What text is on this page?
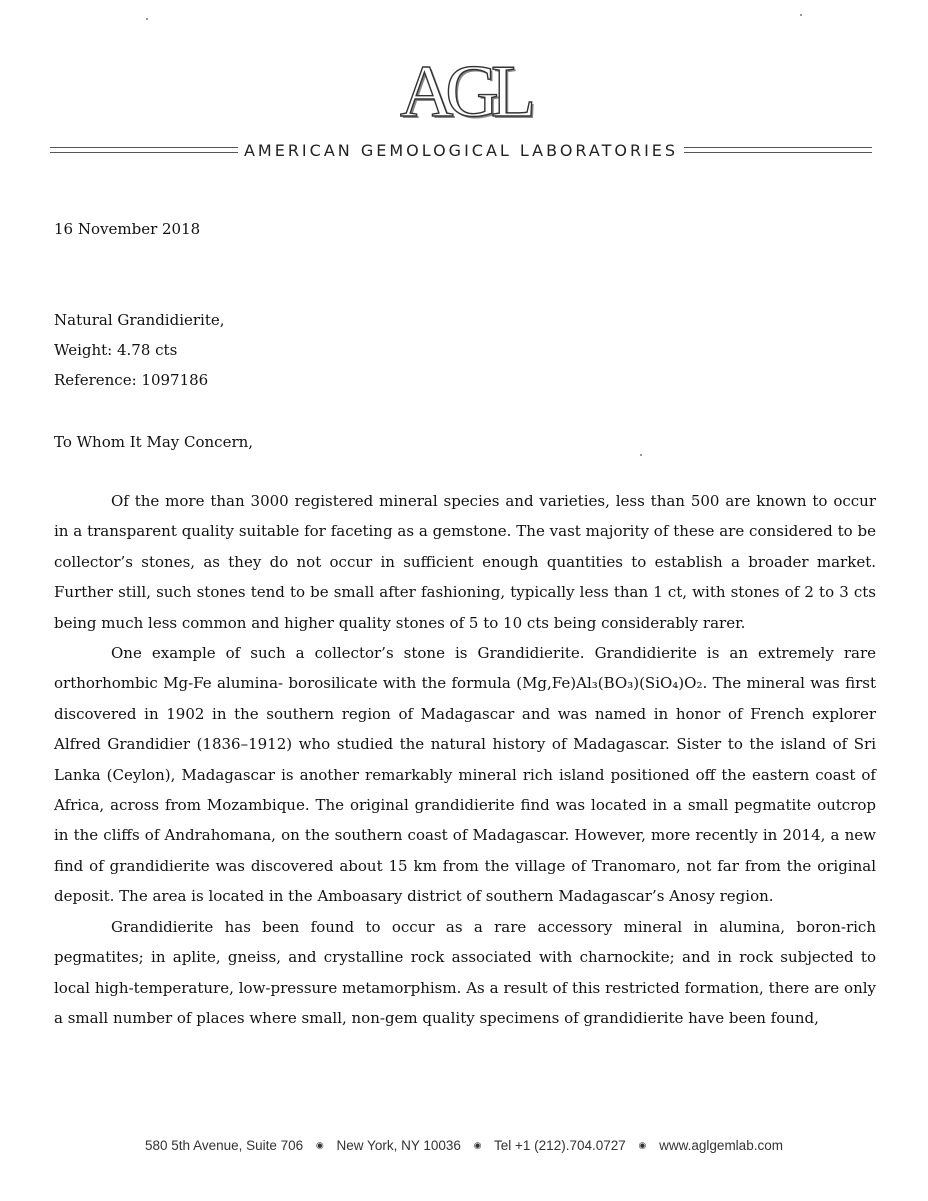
AGL
AMERICAN GEMOLOGICAL LABORATORIES
16 November 2018
Natural Grandidierite,
Weight: 4.78 cts
Reference: 1097186
To Whom It May Concern,

Of the more than 3000 registered mineral species and varieties, less than 500 are known to occur in a transparent quality suitable for faceting as a gemstone. The vast majority of these are considered to be collector’s stones, as they do not occur in sufficient enough quantities to establish a broader market. Further still, such stones tend to be small after fashioning, typically less than 1 ct, with stones of 2 to 3 cts being much less common and higher quality stones of 5 to 10 cts being considerably rarer.

One example of such a collector’s stone is Grandidierite. Grandidierite is an extremely rare orthorhombic Mg-Fe alumina- borosilicate with the formula (Mg,Fe)Al₃(BO₃)(SiO₄)O₂. The mineral was first discovered in 1902 in the southern region of Madagascar and was named in honor of French explorer Alfred Grandidier (1836–1912) who studied the natural history of Madagascar. Sister to the island of Sri Lanka (Ceylon), Madagascar is another remarkably mineral rich island positioned off the eastern coast of Africa, across from Mozambique. The original grandidierite find was located in a small pegmatite outcrop in the cliffs of Andrahomana, on the southern coast of Madagascar. However, more recently in 2014, a new find of grandidierite was discovered about 15 km from the village of Tranomaro, not far from the original deposit. The area is located in the Amboasary district of southern Madagascar’s Anosy region.

Grandidierite has been found to occur as a rare accessory mineral in alumina, boron-rich pegmatites; in aplite, gneiss, and crystalline rock associated with charnockite; and in rock subjected to local high-temperature, low-pressure metamorphism. As a result of this restricted formation, there are only a small number of places where small, non-gem quality specimens of grandidierite have been found,

580 5th Avenue, Suite 706 ◉ New York, NY 10036 ◉ Tel +1 (212).704.0727 ◉ www.aglgemlab.com
